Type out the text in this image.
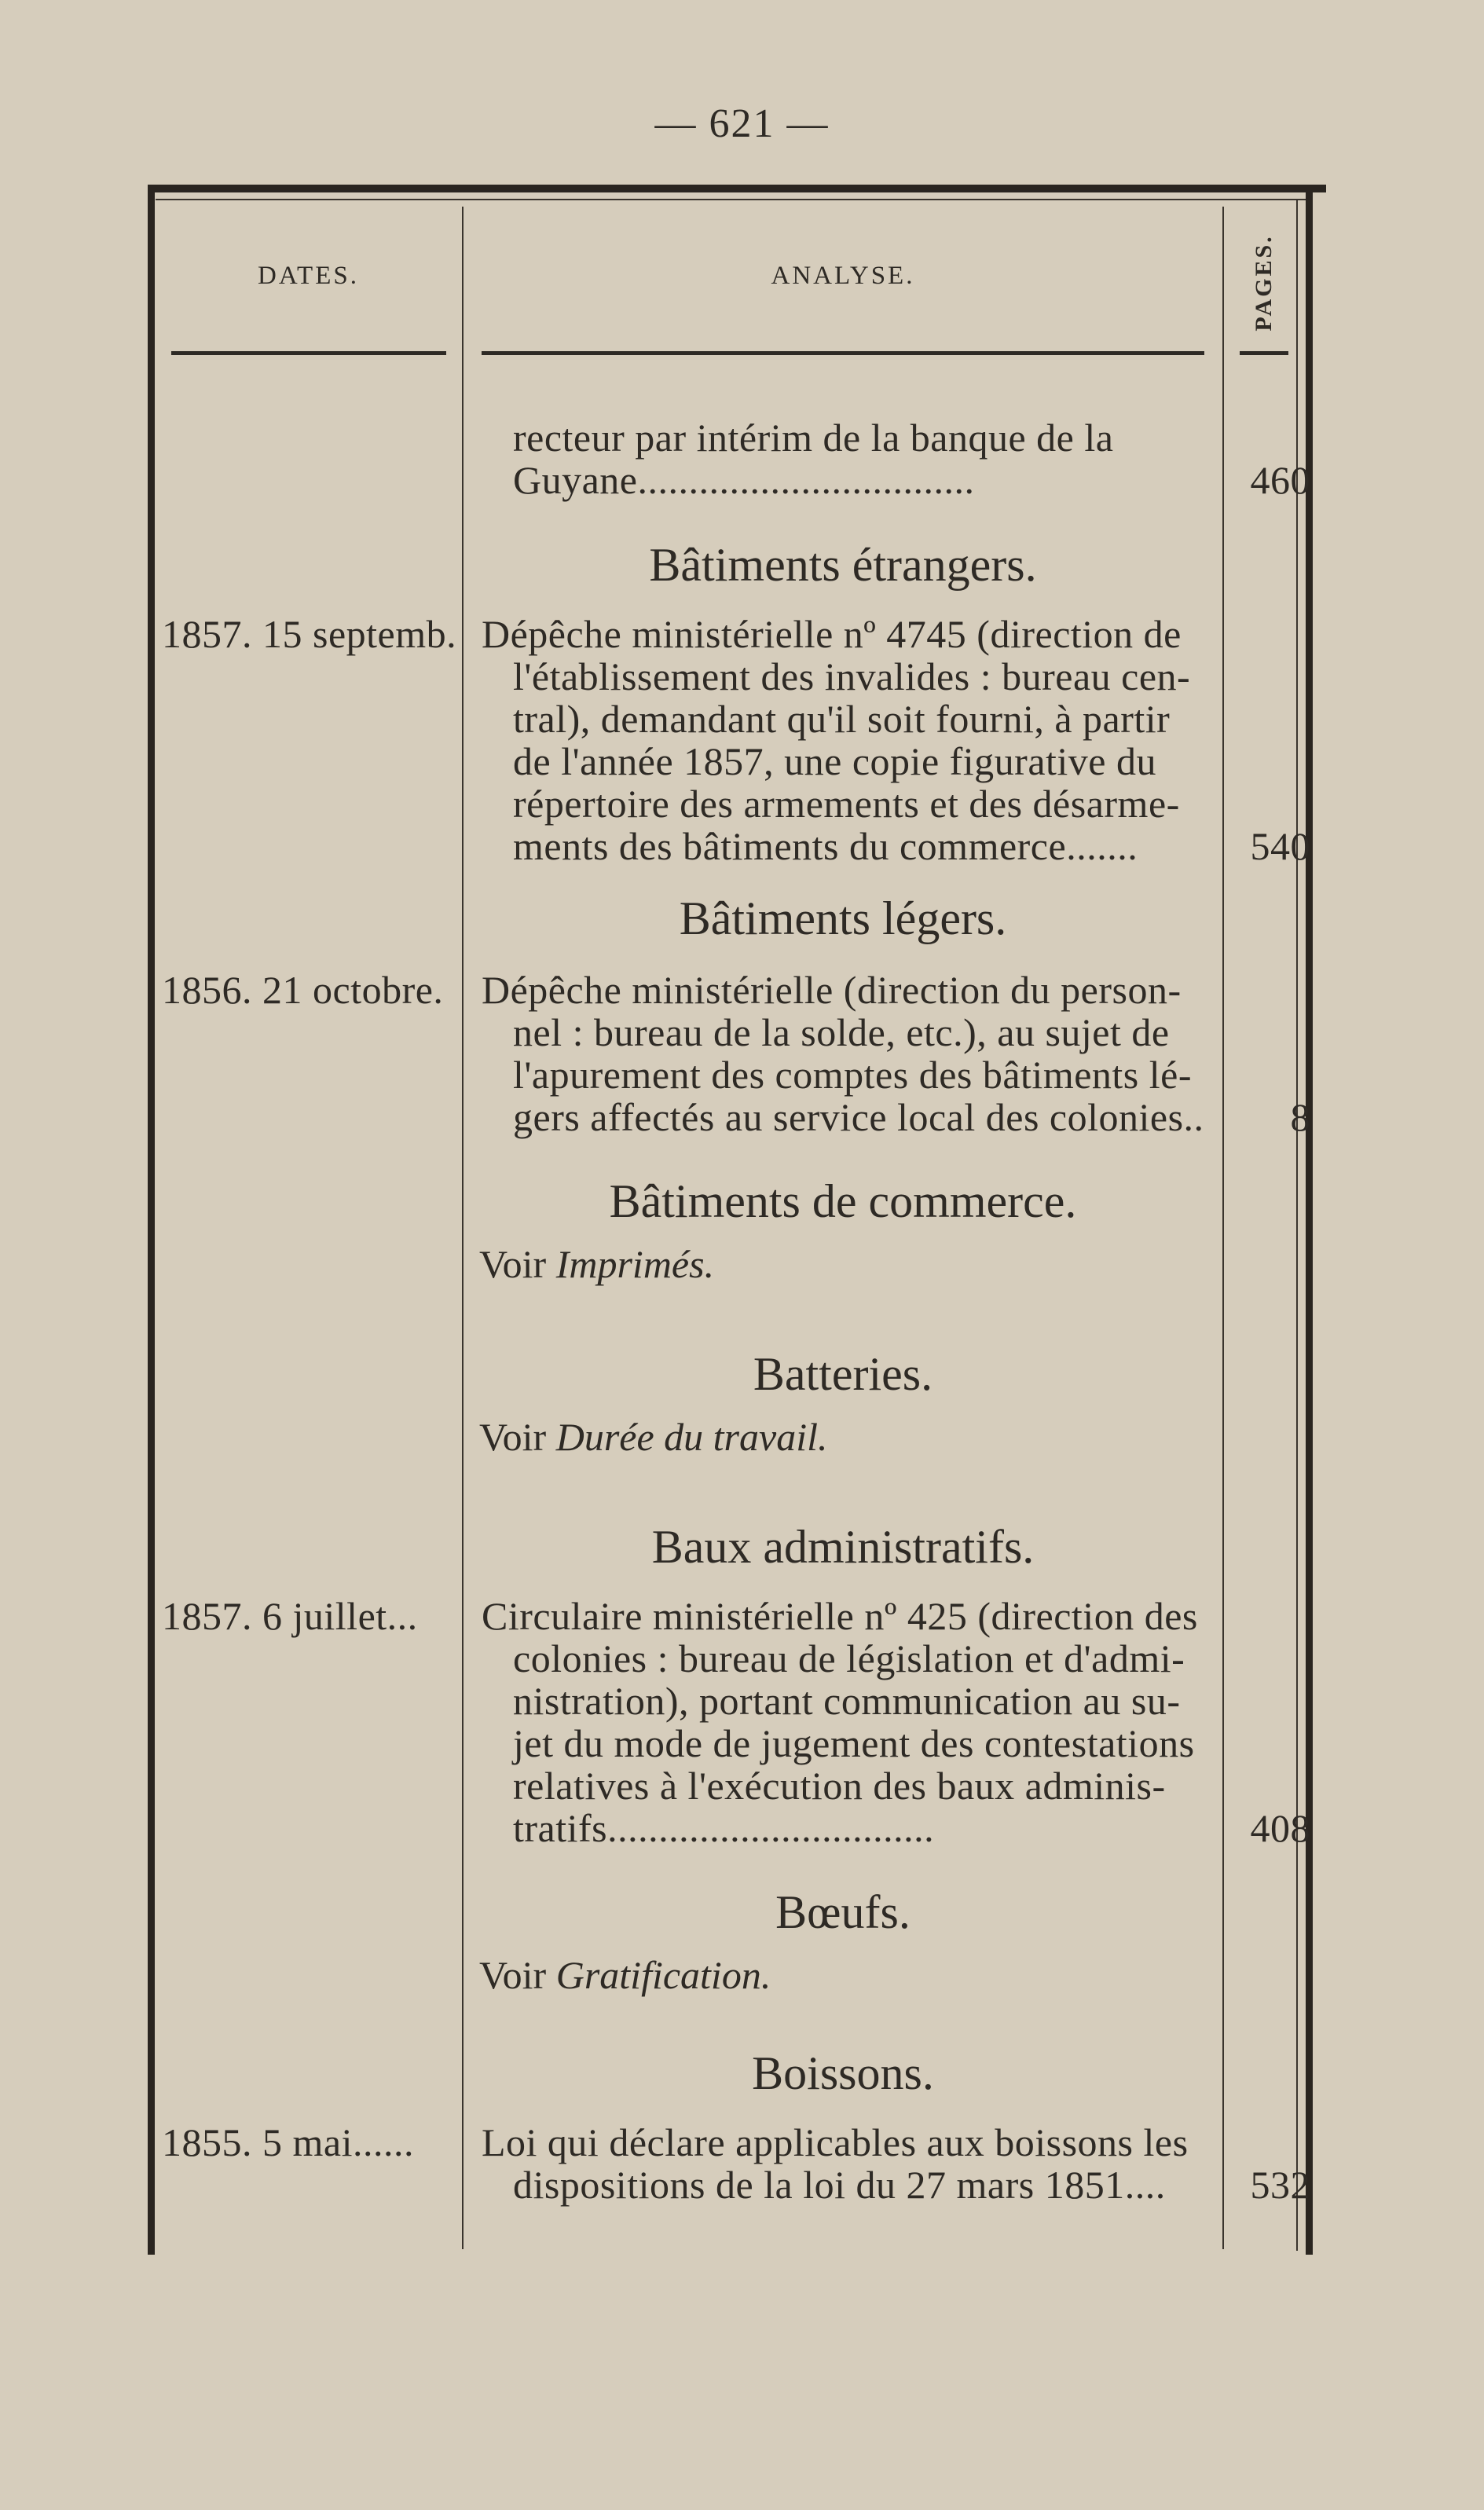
— 621 —
DATES.	ANALYSE.	PAGES.
recteur par intérim de la banque de la
Guyane.................................	460
Bâtiments étrangers.
1857. 15 septemb. Dépêche ministérielle nº 4745 (direction de
l'établissement des invalides : bureau cen-
tral), demandant qu'il soit fourni, à partir
de l'année 1857, une copie figurative du
répertoire des armements et des désarme-
ments des bâtiments du commerce.......	540
Bâtiments légers.
1856. 21 octobre. Dépêche ministérielle (direction du person-
nel : bureau de la solde, etc.), au sujet de
l'apurement des comptes des bâtiments lé-
gers affectés au service local des colonies..	8
Bâtiments de commerce.
Voir Imprimés.
Batteries.
Voir Durée du travail.
Baux administratifs.
1857. 6 juillet... Circulaire ministérielle nº 425 (direction des
colonies : bureau de législation et d'admi-
nistration), portant communication au su-
jet du mode de jugement des contestations
relatives à l'exécution des baux adminis-
tratifs................................	408
Bœufs.
Voir Gratification.
Boissons.
1855. 5 mai...... Loi qui déclare applicables aux boissons les
dispositions de la loi du 27 mars 1851....	532
